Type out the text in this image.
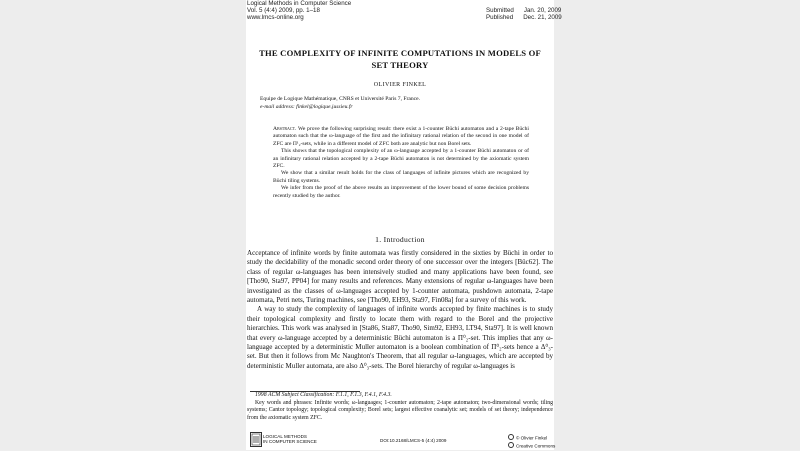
Logical Methods in Computer Science
Vol. 5 (4:4) 2009, pp. 1–18
www.lmcs-online.org
Submitted Jan. 20, 2009
Published Dec. 21, 2009
THE COMPLEXITY OF INFINITE COMPUTATIONS IN MODELS OF
SET THEORY
OLIVIER FINKEL
Equipe de Logique Mathématique, CNRS et Université Paris 7, France.
e-mail address: finkel@logique.jussieu.fr

Abstract. We prove the following surprising result: there exist a 1-counter Büchi automaton and a 2-tape Büchi automaton such that the ω-language of the first and the infinitary rational relation of the second in one model of ZFC are Π¹₂-sets, while in a different model of ZFC both are analytic but non Borel sets.

This shows that the topological complexity of an ω-language accepted by a 1-counter Büchi automaton or of an infinitary rational relation accepted by a 2-tape Büchi automaton is not determined by the axiomatic system ZFC.

We show that a similar result holds for the class of languages of infinite pictures which are recognized by Büchi tiling systems.

We infer from the proof of the above results an improvement of the lower bound of some decision problems recently studied by the author.

1. Introduction

Acceptance of infinite words by finite automata was firstly considered in the sixties by Büchi in order to study the decidability of the monadic second order theory of one successor over the integers [Büc62]. The class of regular ω-languages has been intensively studied and many applications have been found, see [Tho90, Sta97, PP04] for many results and references. Many extensions of regular ω-languages have been investigated as the classes of ω-languages accepted by 1-counter automata, pushdown automata, 2-tape automata, Petri nets, Turing machines, see [Tho90, EH93, Sta97, Fin08a] for a survey of this work.

A way to study the complexity of languages of infinite words accepted by finite machines is to study their topological complexity and firstly to locate them with regard to the Borel and the projective hierarchies. This work was analysed in [Sta86, Sta87, Tho90, Sim92, EH93, LT94, Sta97]. It is well known that every ω-language accepted by a deterministic Büchi automaton is a Π⁰₂-set. This implies that any ω-language accepted by a deterministic Muller automaton is a boolean combination of Π⁰₂-sets hence a Δ⁰₃-set. But then it follows from Mc Naughton's Theorem, that all regular ω-languages, which are accepted by deterministic Muller automata, are also Δ⁰₃-sets. The Borel hierarchy of regular ω-languages is

1998 ACM Subject Classification: F.1.1, F.1.3, F.4.1, F.4.3.

Key words and phrases: Infinite words; ω-languages; 1-counter automaton; 2-tape automaton; two-dimensional words; tiling systems; Cantor topology; topological complexity; Borel sets; largest effective coanalytic set; models of set theory; independence from the axiomatic system ZFC.

LOGICAL METHODS
IN COMPUTER SCIENCE	DOI:10.2168/LMCS-5 (4:4) 2009	© Olivier Finkel
Creative Commons
